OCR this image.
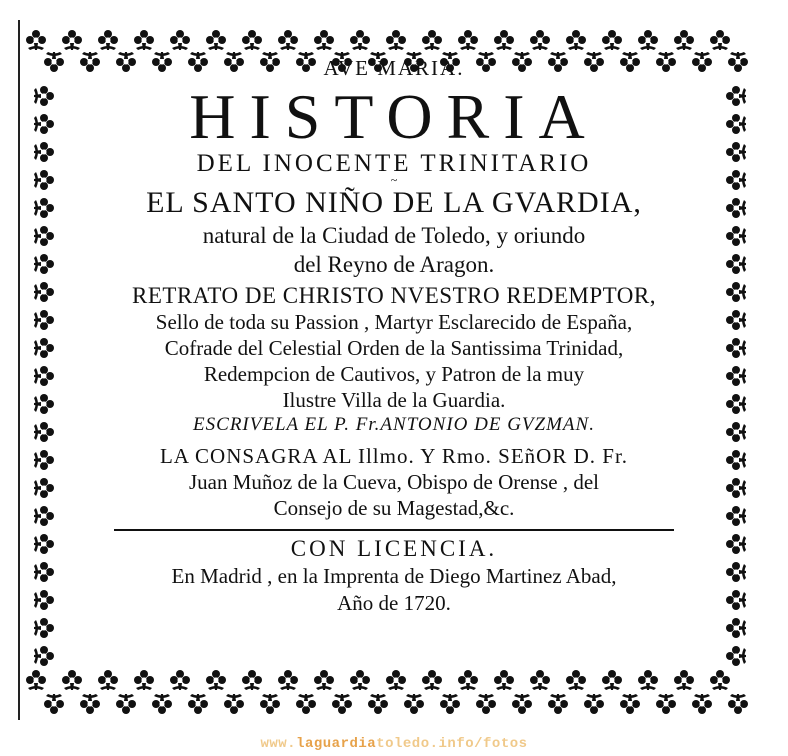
AVE MARIA.
HISTORIA
DEL INOCENTE TRINITARIO
~
EL SANTO NIÑO DE LA GVARDIA,
natural de la Ciudad de Toledo, y oriundo
del Reyno de Aragon.
RETRATO DE CHRISTO NVESTRO REDEMPTOR,
Sello de toda su Passion , Martyr Esclarecido de España,
Cofrade del Celestial Orden de la Santissima Trinidad,
Redempcion de Cautivos, y Patron de la muy
Ilustre Villa de la Guardia.
ESCRIVELA EL P. Fr.ANTONIO DE GVZMAN.
LA CONSAGRA AL Illmo. Y Rmo. SEñOR D. Fr.
Juan Muñoz de la Cueva, Obispo de Orense , del
Consejo de su Magestad,&c.
CON LICENCIA.
En Madrid , en la Imprenta de Diego Martinez Abad,
Año de 1720.
www.laguardiatoledo.info/fotos
